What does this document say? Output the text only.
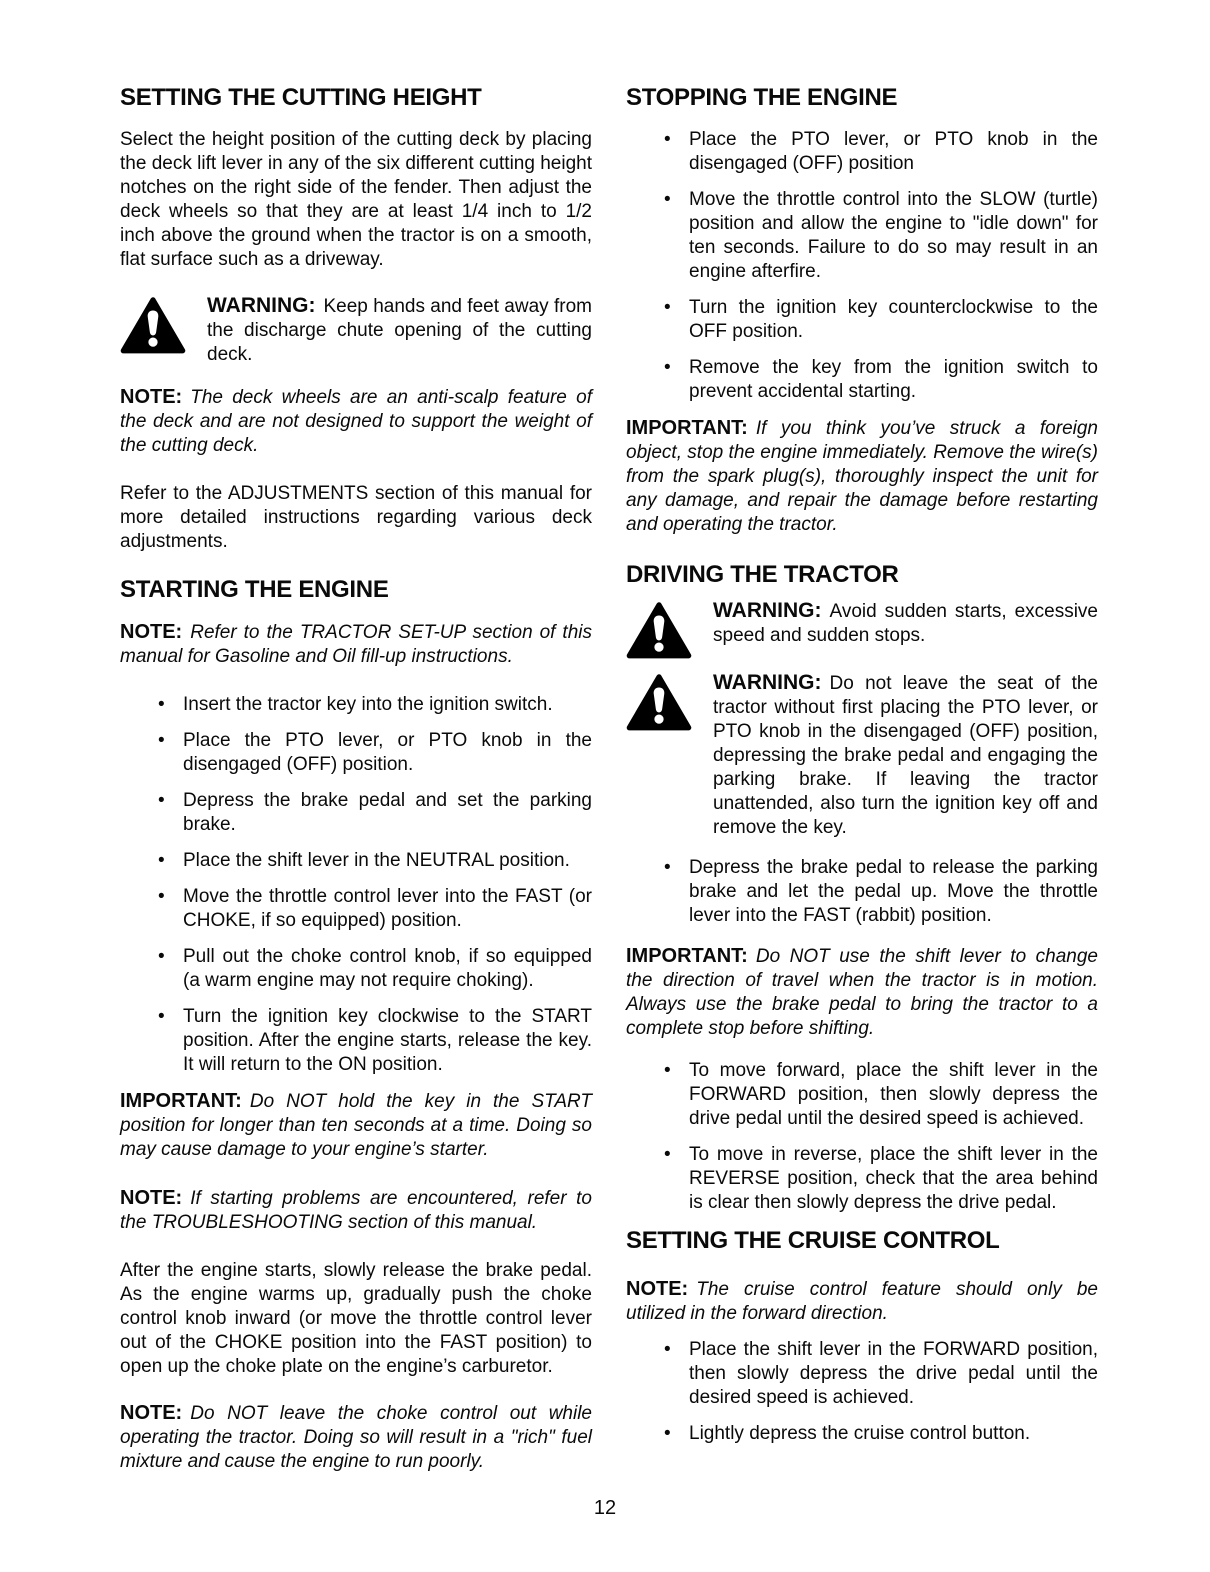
SETTING THE CUTTING HEIGHT

Select the height position of the cutting deck by placing the deck lift lever in any of the six different cutting height notches on the right side of the fender. Then adjust the deck wheels so that they are at least 1/4 inch to 1/2 inch above the ground when the tractor is on a smooth, flat surface such as a driveway.

WARNING: Keep hands and feet away from the discharge chute opening of the cutting deck.

NOTE: The deck wheels are an anti-scalp feature of the deck and are not designed to support the weight of the cutting deck.

Refer to the ADJUSTMENTS section of this manual for more detailed instructions regarding various deck adjustments.

STARTING THE ENGINE

NOTE: Refer to the TRACTOR SET-UP section of this manual for Gasoline and Oil fill-up instructions.

• Insert the tractor key into the ignition switch.
• Place the PTO lever, or PTO knob in the disengaged (OFF) position.
• Depress the brake pedal and set the parking brake.
• Place the shift lever in the NEUTRAL position.
• Move the throttle control lever into the FAST (or CHOKE, if so equipped) position.
• Pull out the choke control knob, if so equipped (a warm engine may not require choking).
• Turn the ignition key clockwise to the START position. After the engine starts, release the key. It will return to the ON position.

IMPORTANT: Do NOT hold the key in the START position for longer than ten seconds at a time. Doing so may cause damage to your engine’s starter.

NOTE: If starting problems are encountered, refer to the TROUBLESHOOTING section of this manual.

After the engine starts, slowly release the brake pedal. As the engine warms up, gradually push the choke control knob inward (or move the throttle control lever out of the CHOKE position into the FAST position) to open up the choke plate on the engine’s carburetor.

NOTE: Do NOT leave the choke control out while operating the tractor. Doing so will result in a "rich" fuel mixture and cause the engine to run poorly.

STOPPING THE ENGINE
• Place the PTO lever, or PTO knob in the disengaged (OFF) position
• Move the throttle control into the SLOW (turtle) position and allow the engine to "idle down" for ten seconds. Failure to do so may result in an engine afterfire.
• Turn the ignition key counterclockwise to the OFF position.
• Remove the key from the ignition switch to prevent accidental starting.

IMPORTANT: If you think you’ve struck a foreign object, stop the engine immediately. Remove the wire(s) from the spark plug(s), thoroughly inspect the unit for any damage, and repair the damage before restarting and operating the tractor.

DRIVING THE TRACTOR
WARNING: Avoid sudden starts, excessive speed and sudden stops.
WARNING: Do not leave the seat of the tractor without first placing the PTO lever, or PTO knob in the disengaged (OFF) position, depressing the brake pedal and engaging the parking brake. If leaving the tractor unattended, also turn the ignition key off and remove the key.
• Depress the brake pedal to release the parking brake and let the pedal up. Move the throttle lever into the FAST (rabbit) position.

IMPORTANT: Do NOT use the shift lever to change the direction of travel when the tractor is in motion. Always use the brake pedal to bring the tractor to a complete stop before shifting.

• To move forward, place the shift lever in the FORWARD position, then slowly depress the drive pedal until the desired speed is achieved.
• To move in reverse, place the shift lever in the REVERSE position, check that the area behind is clear then slowly depress the drive pedal.
SETTING THE CRUISE CONTROL

NOTE: The cruise control feature should only be utilized in the forward direction.

• Place the shift lever in the FORWARD position, then slowly depress the drive pedal until the desired speed is achieved.
• Lightly depress the cruise control button.
12
